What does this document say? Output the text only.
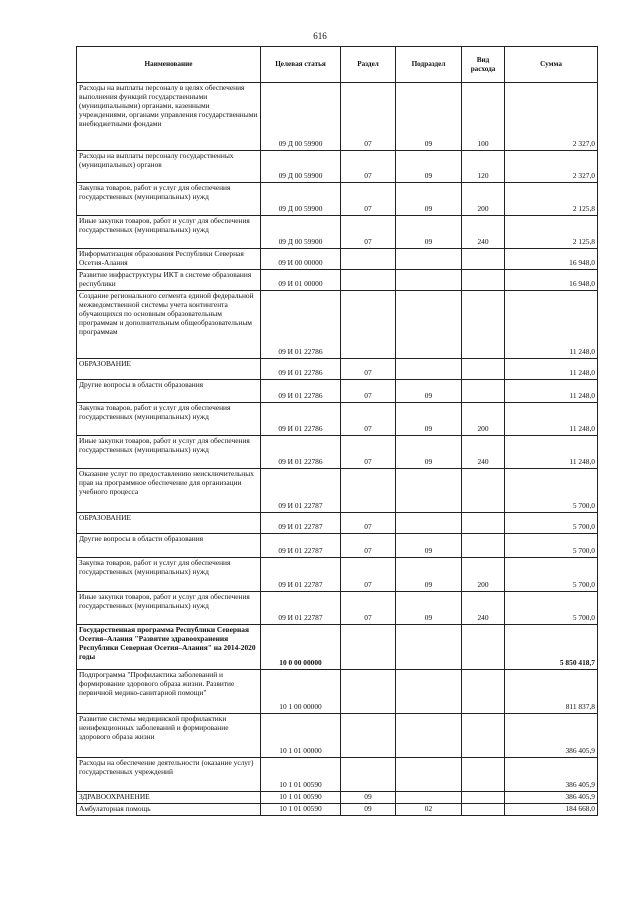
616
Наименование	Целевая статья	Раздел	Подраздел	Вид расхода	Сумма
Расходы на выплаты персоналу в целях обеспечения выполнения функций государственными (муниципальными) органами, казенными учреждениями, органами управления государственными внебюджетными фондами	09 Д 00 59900	07	09	100	2 327,0
Расходы на выплаты персоналу государственных (муниципальных) органов	09 Д 00 59900	07	09	120	2 327,0
Закупка товаров, работ и услуг для обеспечения государственных (муниципальных) нужд	09 Д 00 59900	07	09	200	2 125,8
Иные закупки товаров, работ и услуг для обеспечения государственных (муниципальных) нужд	09 Д 00 59900	07	09	240	2 125,8
Информатизация образования Республики Северная Осетия-Алания	09 И 00 00000				16 948,0
Развитие инфраструктуры ИКТ в системе образования республики	09 И 01 00000				16 948,0
Создание регионального сегмента единой федеральной межведомственной системы учета контингента обучающихся по основным образовательным программам и дополнительным общеобразовательным программам	09 И 01 22786				11 248,0
ОБРАЗОВАНИЕ	09 И 01 22786	07			11 248,0
Другие вопросы в области образования	09 И 01 22786	07	09		11 248,0
Закупка товаров, работ и услуг для обеспечения государственных (муниципальных) нужд	09 И 01 22786	07	09	200	11 248,0
Иные закупки товаров, работ и услуг для обеспечения государственных (муниципальных) нужд	09 И 01 22786	07	09	240	11 248,0
Оказание услуг по предоставлению неисключительных прав на программное обеспечение для организации учебного процесса	09 И 01 22787				5 700,0
ОБРАЗОВАНИЕ	09 И 01 22787	07			5 700,0
Другие вопросы в области образования	09 И 01 22787	07	09		5 700,0
Закупка товаров, работ и услуг для обеспечения государственных (муниципальных) нужд	09 И 01 22787	07	09	200	5 700,0
Иные закупки товаров, работ и услуг для обеспечения государственных (муниципальных) нужд	09 И 01 22787	07	09	240	5 700,0
Государственная программа Республики Северная Осетия–Алания "Развитие здравоохранения Республики Северная Осетия–Алания" на 2014-2020 годы	10 0 00 00000				5 850 418,7
Подпрограмма "Профилактика заболеваний и формирование здорового образа жизни. Развитие первичной медико-санитарной помощи"	10 1 00 00000				811 837,8
Развитие системы медицинской профилактики неинфекционных заболеваний и формирование здорового образа жизни	10 1 01 00000				386 405,9
Расходы на обеспечение деятельности (оказание услуг) государственных учреждений	10 1 01 00590				386 405,9
ЗДРАВООХРАНЕНИЕ	10 1 01 00590	09			386 405,9
Амбулаторная помощь	10 1 01 00590	09	02		184 668,0
